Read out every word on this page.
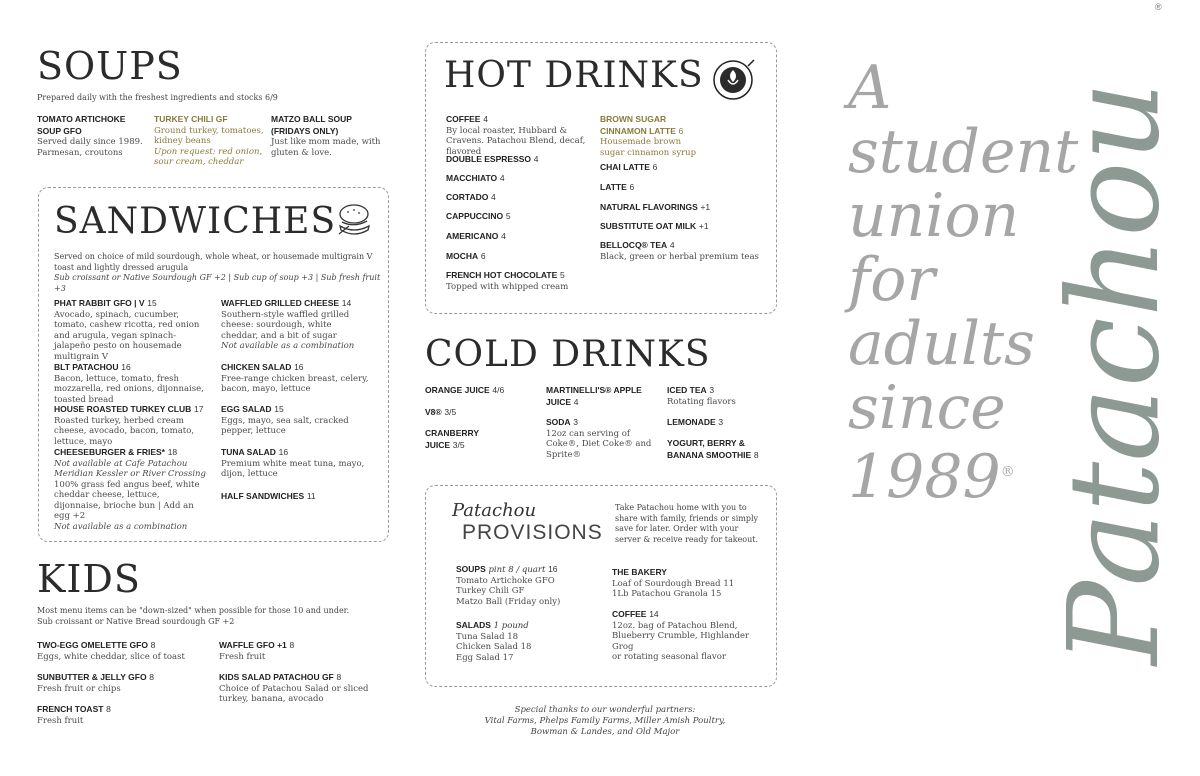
SOUPS
Prepared daily with the freshest ingredients and stocks 6/9
TOMATO ARTICHOKE SOUP GFO
Served daily since 1989. Parmesan, croutons
TURKEY CHILI GF
Ground turkey, tomatoes, kidney beans
Upon request: red onion, sour cream, cheddar
MATZO BALL SOUP (FRIDAYS ONLY)
Just like mom made, with gluten & love.
SANDWICHES
Served on choice of mild sourdough, whole wheat, or housemade multigrain V toast and lightly dressed arugula
Sub croissant or Native Sourdough GF +2 | Sub cup of soup +3 | Sub fresh fruit +3
PHAT RABBIT GFO | V 15
Avocado, spinach, cucumber, tomato, cashew ricotta, red onion and arugula, vegan spinach-jalapeño pesto on housemade multigrain V
BLT PATACHOU 16
Bacon, lettuce, tomato, fresh mozzarella, red onions, dijonnaise, toasted bread
HOUSE ROASTED TURKEY CLUB 17
Roasted turkey, herbed cream cheese, avocado, bacon, tomato, lettuce, mayo
CHEESEBURGER & FRIES* 18
Not available at Cafe Patachou Meridian Kessler or River Crossing
100% grass fed angus beef, white cheddar cheese, lettuce, dijonnaise, brioche bun | Add an egg +2
Not available as a combination
WAFFLED GRILLED CHEESE 14
Southern-style waffled grilled cheese: sourdough, white cheddar, and a bit of sugar
Not available as a combination
CHICKEN SALAD 16
Free-range chicken breast, celery, bacon, mayo, lettuce
EGG SALAD 15
Eggs, mayo, sea salt, cracked pepper, lettuce
TUNA SALAD 16
Premium white meat tuna, mayo, dijon, lettuce
HALF SANDWICHES 11
KIDS
Most menu items can be "down-sized" when possible for those 10 and under.
Sub croissant or Native Bread sourdough GF +2
TWO-EGG OMELETTE GFO 8
Eggs, white cheddar, slice of toast
SUNBUTTER & JELLY GFO 8
Fresh fruit or chips
FRENCH TOAST 8
Fresh fruit
WAFFLE GFO +1 8
Fresh fruit
KIDS SALAD PATACHOU GF 8
Choice of Patachou Salad or sliced turkey, banana, avocado
HOT DRINKS
COFFEE 4
By local roaster, Hubbard & Cravens. Patachou Blend, decaf, flavored
DOUBLE ESPRESSO 4
MACCHIATO 4
CORTADO 4
CAPPUCCINO 5
AMERICANO 4
MOCHA 6
FRENCH HOT CHOCOLATE 5
Topped with whipped cream
BROWN SUGAR CINNAMON LATTE 6
Housemade brown sugar cinnamon syrup
CHAI LATTE 6
LATTE 6
NATURAL FLAVORINGS +1
SUBSTITUTE OAT MILK +1
BELLOCQ® TEA 4
Black, green or herbal premium teas
COLD DRINKS
ORANGE JUICE 4/6
V8® 3/5
CRANBERRY JUICE 3/5
MARTINELLI'S® APPLE JUICE 4
SODA 3
12oz can serving of Coke®, Diet Coke® and Sprite®
ICED TEA 3
Rotating flavors
LEMONADE 3
YOGURT, BERRY & BANANA SMOOTHIE 8
Patachou
PROVISIONS
Take Patachou home with you to share with family, friends or simply save for later. Order with your server & receive ready for takeout.
SOUPS pint 8 / quart 16
Tomato Artichoke GFO
Turkey Chili GF
Matzo Ball (Friday only)
SALADS 1 pound
Tuna Salad 18
Chicken Salad 18
Egg Salad 17
THE BAKERY
Loaf of Sourdough Bread 11
1Lb Patachou Granola 15
COFFEE 14
12oz. bag of Patachou Blend,
Blueberry Crumble, Highlander Grog
or rotating seasonal flavor
Special thanks to our wonderful partners:
Vital Farms, Phelps Family Farms, Miller Amish Poultry,
Bowman & Landes, and Old Major
A
student
union
for
adults
since
1989® Patachou
®
